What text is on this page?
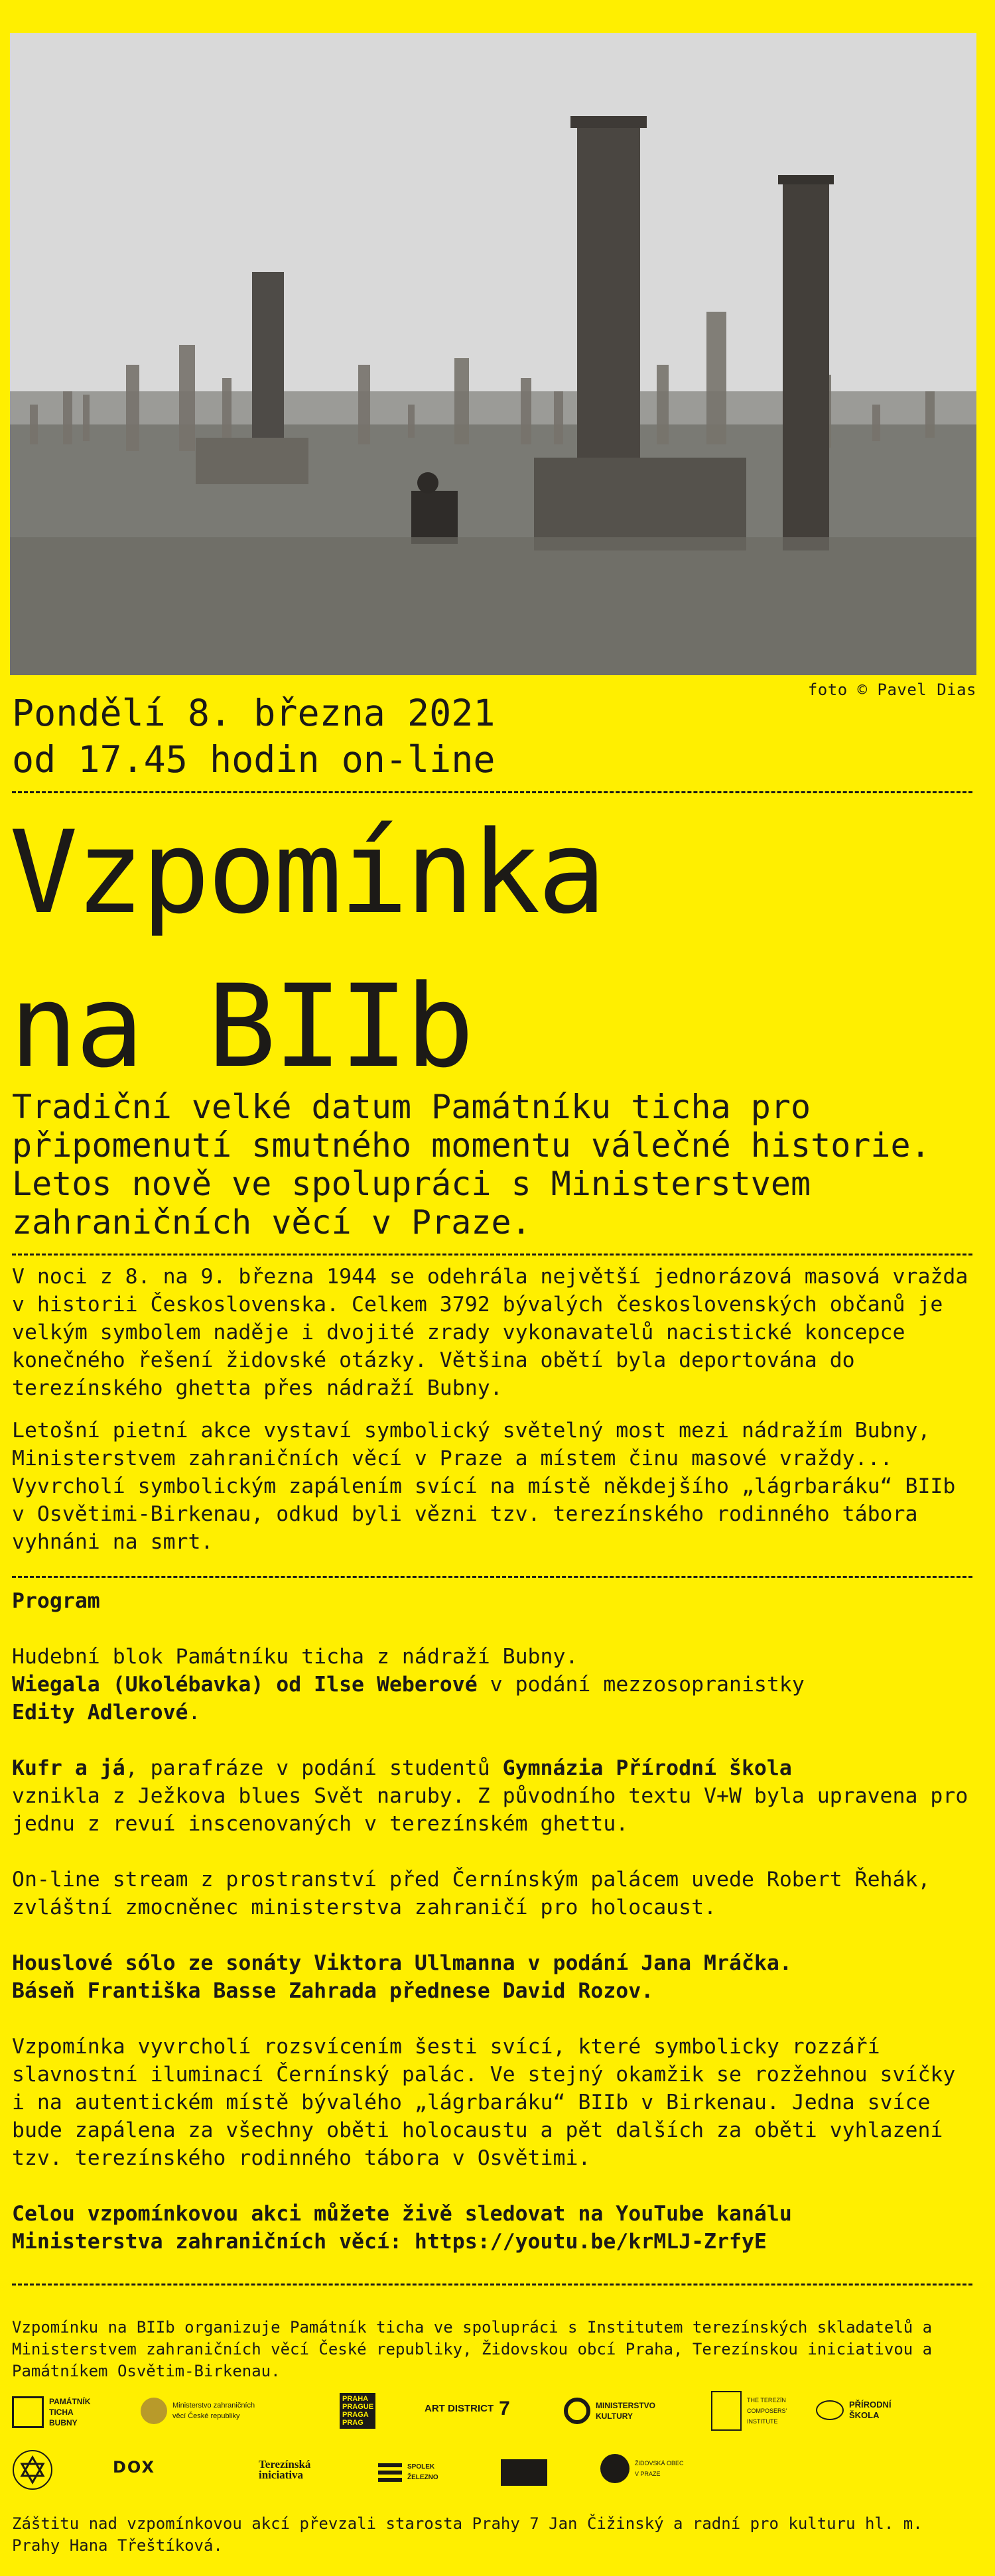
foto © Pavel Dias
Pondělí 8. března 2021
od 17.45 hodin on-line
Vzpomínka
na BIIb
Tradiční velké datum Památníku ticha pro připomenutí smutného momentu válečné historie. Letos nově ve spolupráci s Ministerstvem zahraničních věcí v Praze.

V noci z 8. na 9. března 1944 se odehrála největší jednorázová masová vražda v historii Československa. Celkem 3792 bývalých československých občanů je velkým symbolem naděje i dvojité zrady vykonavatelů nacistické koncepce konečného řešení židovské otázky. Většina obětí byla deportována do terezínského ghetta přes nádraží Bubny.

Letošní pietní akce vystaví symbolický světelný most mezi nádražím Bubny, Ministerstvem zahraničních věcí v Praze a místem činu masové vraždy... Vyvrcholí symbolickým zapálením svící na místě někdejšího „lágrbaráku“ BIIb v Osvětimi-Birkenau, odkud byli vězni tzv. terezínského rodinného tábora vyhnáni na smrt.

Program

Hudební blok Památníku ticha z nádraží Bubny.
Wiegala (Ukolébavka) od Ilse Weberové v podání mezzosopranistky
Edity Adlerové.

Kufr a já, parafráze v podání studentů Gymnázia Přírodní škola
vznikla z Ježkova blues Svět naruby. Z původního textu V+W byla upravena pro jednu z revuí inscenovaných v terezínském ghettu.

On-line stream z prostranství před Černínským palácem uvede Robert Řehák, zvláštní zmocněnec ministerstva zahraničí pro holocaust.

Houslové sólo ze sonáty Viktora Ullmanna v podání Jana Mráčka.
Báseň Františka Basse Zahrada přednese David Rozov.

Vzpomínka vyvrcholí rozsvícením šesti svící, které symbolicky rozzáří slavnostní iluminací Černínský palác. Ve stejný okamžik se rozžehnou svíčky i na autentickém místě bývalého „lágrbaráku“ BIIb v Birkenau. Jedna svíce bude zapálena za všechny oběti holocaustu a pět dalších za oběti vyhlazení tzv. terezínského rodinného tábora v Osvětimi.

Celou vzpomínkovou akci můžete živě sledovat na YouTube kanálu
Ministerstva zahraničních věcí: https://youtu.be/krMLJ-ZrfyE

Vzpomínku na BIIb organizuje Památník ticha ve spolupráci s Institutem terezínských skladatelů a Ministerstvem zahraničních věcí České republiky, Židovskou obcí Praha, Terezínskou iniciativou a Památníkem Osvětim-Birkenau.
PAMÁTNÍK TICHA BUBNY
Ministerstvo zahraničních věcí České republiky
PRAHA PRAGUE PRAGA PRAG
ART DISTRICT 7	MINISTERSTVO KULTURY
THE TEREZÍN COMPOSERS' INSTITUTE
PŘÍRODNÍ ŠKOLA
DOX	Terezínská iniciativa
SPOLEK ŽELEZNO
ŽIDOVSKÁ OBEC V PRAZE
Záštitu nad vzpomínkovou akcí převzali starosta Prahy 7 Jan Čižinský a radní pro kulturu hl. m. Prahy Hana Třeštíková.
